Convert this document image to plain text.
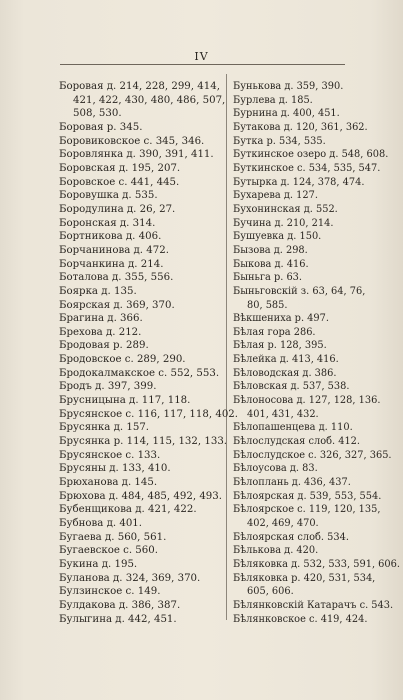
IV
Боровая д. 214, 228, 299, 414,
421, 422, 430, 480, 486, 507,
508, 530.
Боровая р. 345.
Боровиковское с. 345, 346.
Боровлянка д. 390, 391, 411.
Боровская д. 195, 207.
Боровское с. 441, 445.
Боровушка д. 535.
Бородулина д. 26, 27.
Боронская д. 314.
Бортникова д. 406.
Борчанинова д. 472.
Борчанкина д. 214.
Боталова д. 355, 556.
Боярка д. 135.
Боярская д. 369, 370.
Брагина д. 366.
Брехова д. 212.
Бродовая р. 289.
Бродовское с. 289, 290.
Бродокалмакское с. 552, 553.
Бродъ д. 397, 399.
Брусницына д. 117, 118.
Брусянское с. 116, 117, 118, 402.
Брусянка д. 157.
Брусянка р. 114, 115, 132, 133.
Брусянское с. 133.
Брусяны д. 133, 410.
Брюханова д. 145.
Брюхова д. 484, 485, 492, 493.
Бубенщикова д. 421, 422.
Бубнова д. 401.
Бугаева д. 560, 561.
Бугаевское с. 560.
Букина д. 195.
Буланова д. 324, 369, 370.
Булзинское с. 149.
Булдакова д. 386, 387.
Булыгина д. 442, 451.
Бунькова д. 359, 390.
Бурлева д. 185.
Бурнина д. 400, 451.
Бутакова д. 120, 361, 362.
Бутка р. 534, 535.
Буткинское озеро д. 548, 608.
Буткинское с. 534, 535, 547.
Бутырка д. 124, 378, 474.
Бухарева д. 127.
Бухонинская д. 552.
Бучина д. 210, 214.
Бушуевка д. 150.
Бызова д. 298.
Быкова д. 416.
Быньга р. 63.
Быньговскій з. 63, 64, 76,
80, 585.
Вѣкшениха р. 497.
Бѣлая гора 286.
Бѣлая р. 128, 395.
Бѣлейка д. 413, 416.
Бѣловодская д. 386.
Бѣловская д. 537, 538.
Бѣлоносова д. 127, 128, 136.
401, 431, 432.
Бѣлопашенцева д. 110.
Бѣлослудская слоб. 412.
Бѣлослудское с. 326, 327, 365.
Бѣлоусова д. 83.
Бѣлоплань д. 436, 437.
Бѣлоярская д. 539, 553, 554.
Бѣлоярское с. 119, 120, 135,
402, 469, 470.
Бѣлоярская слоб. 534.
Бѣлькова д. 420.
Бѣляковка д. 532, 533, 591, 606.
Бѣляковка р. 420, 531, 534,
605, 606.
Бѣлянковскій Катарачъ с. 543.
Бѣлянковское с. 419, 424.
